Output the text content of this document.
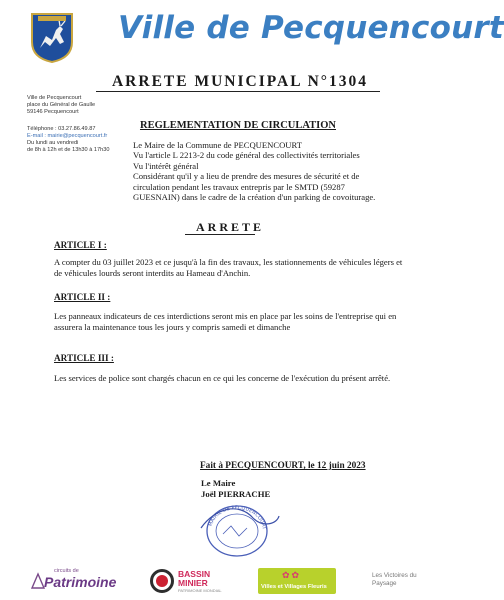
Ville de Pecquencourt
ARRETE MUNICIPAL N°1304
Ville de Pecquencourt
place du Général de Gaulle
59146 Pecquencourt
Téléphone : 03.27.86.49.87
E-mail : mairie@pecquencourt.fr
Du lundi au vendredi
de 8h à 12h et de 13h30 à 17h30
REGLEMENTATION DE CIRCULATION
Le Maire de la Commune de PECQUENCOURT
Vu l'article L 2213-2 du code général des collectivités territoriales
Vu l'intérêt général
Considérant qu'il y a lieu de prendre des mesures de sécurité et de circulation pendant les travaux entrepris par le SMTD (59287 GUESNAIN) dans le cadre de la création d'un parking de covoiturage.
ARRETE
ARTICLE I :
A compter du 03 juillet 2023 et ce jusqu'à la fin des travaux, les stationnements de véhicules légers et de véhicules lourds seront interdits au Hameau d'Anchin.
ARTICLE II :
Les panneaux indicateurs de ces interdictions seront mis en place par les soins de l'entreprise qui en assurera la maintenance tous les jours y compris samedi et dimanche
ARTICLE III :
Les services de police sont chargés chacun en ce qui les concerne de l'exécution du présent arrêté.
Fait à PECQUENCOURT, le 12 juin 2023
Le Maire
Joël PIERRACHE
MAIRIE DE PECQUENCOURT
circuits de
Patrimoine	BASSIN
MINIER
PATRIMOINE MONDIAL
✿✿
Villes et Villages Fleuris
Les Victoires du Paysage
